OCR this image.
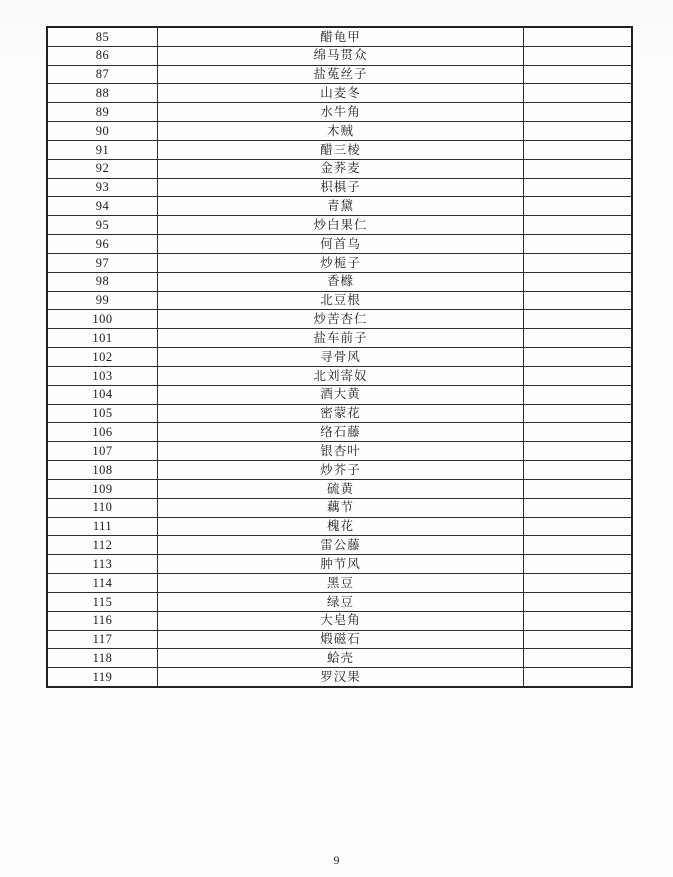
85	醋龟甲
86	绵马贯众
87	盐菟丝子
88	山麦冬
89	水牛角
90	木贼
91	醋三棱
92	金荞麦
93	枳椇子
94	青黛
95	炒白果仁
96	何首乌
97	炒栀子
98	香橼
99	北豆根
100	炒苦杏仁
101	盐车前子
102	寻骨风
103	北刘寄奴
104	酒大黄
105	密蒙花
106	络石藤
107	银杏叶
108	炒芥子
109	硫黄
110	藕节
111	槐花
112	雷公藤
113	肿节风
114	黑豆
115	绿豆
116	大皂角
117	煅磁石
118	蛤壳
119	罗汉果
9
